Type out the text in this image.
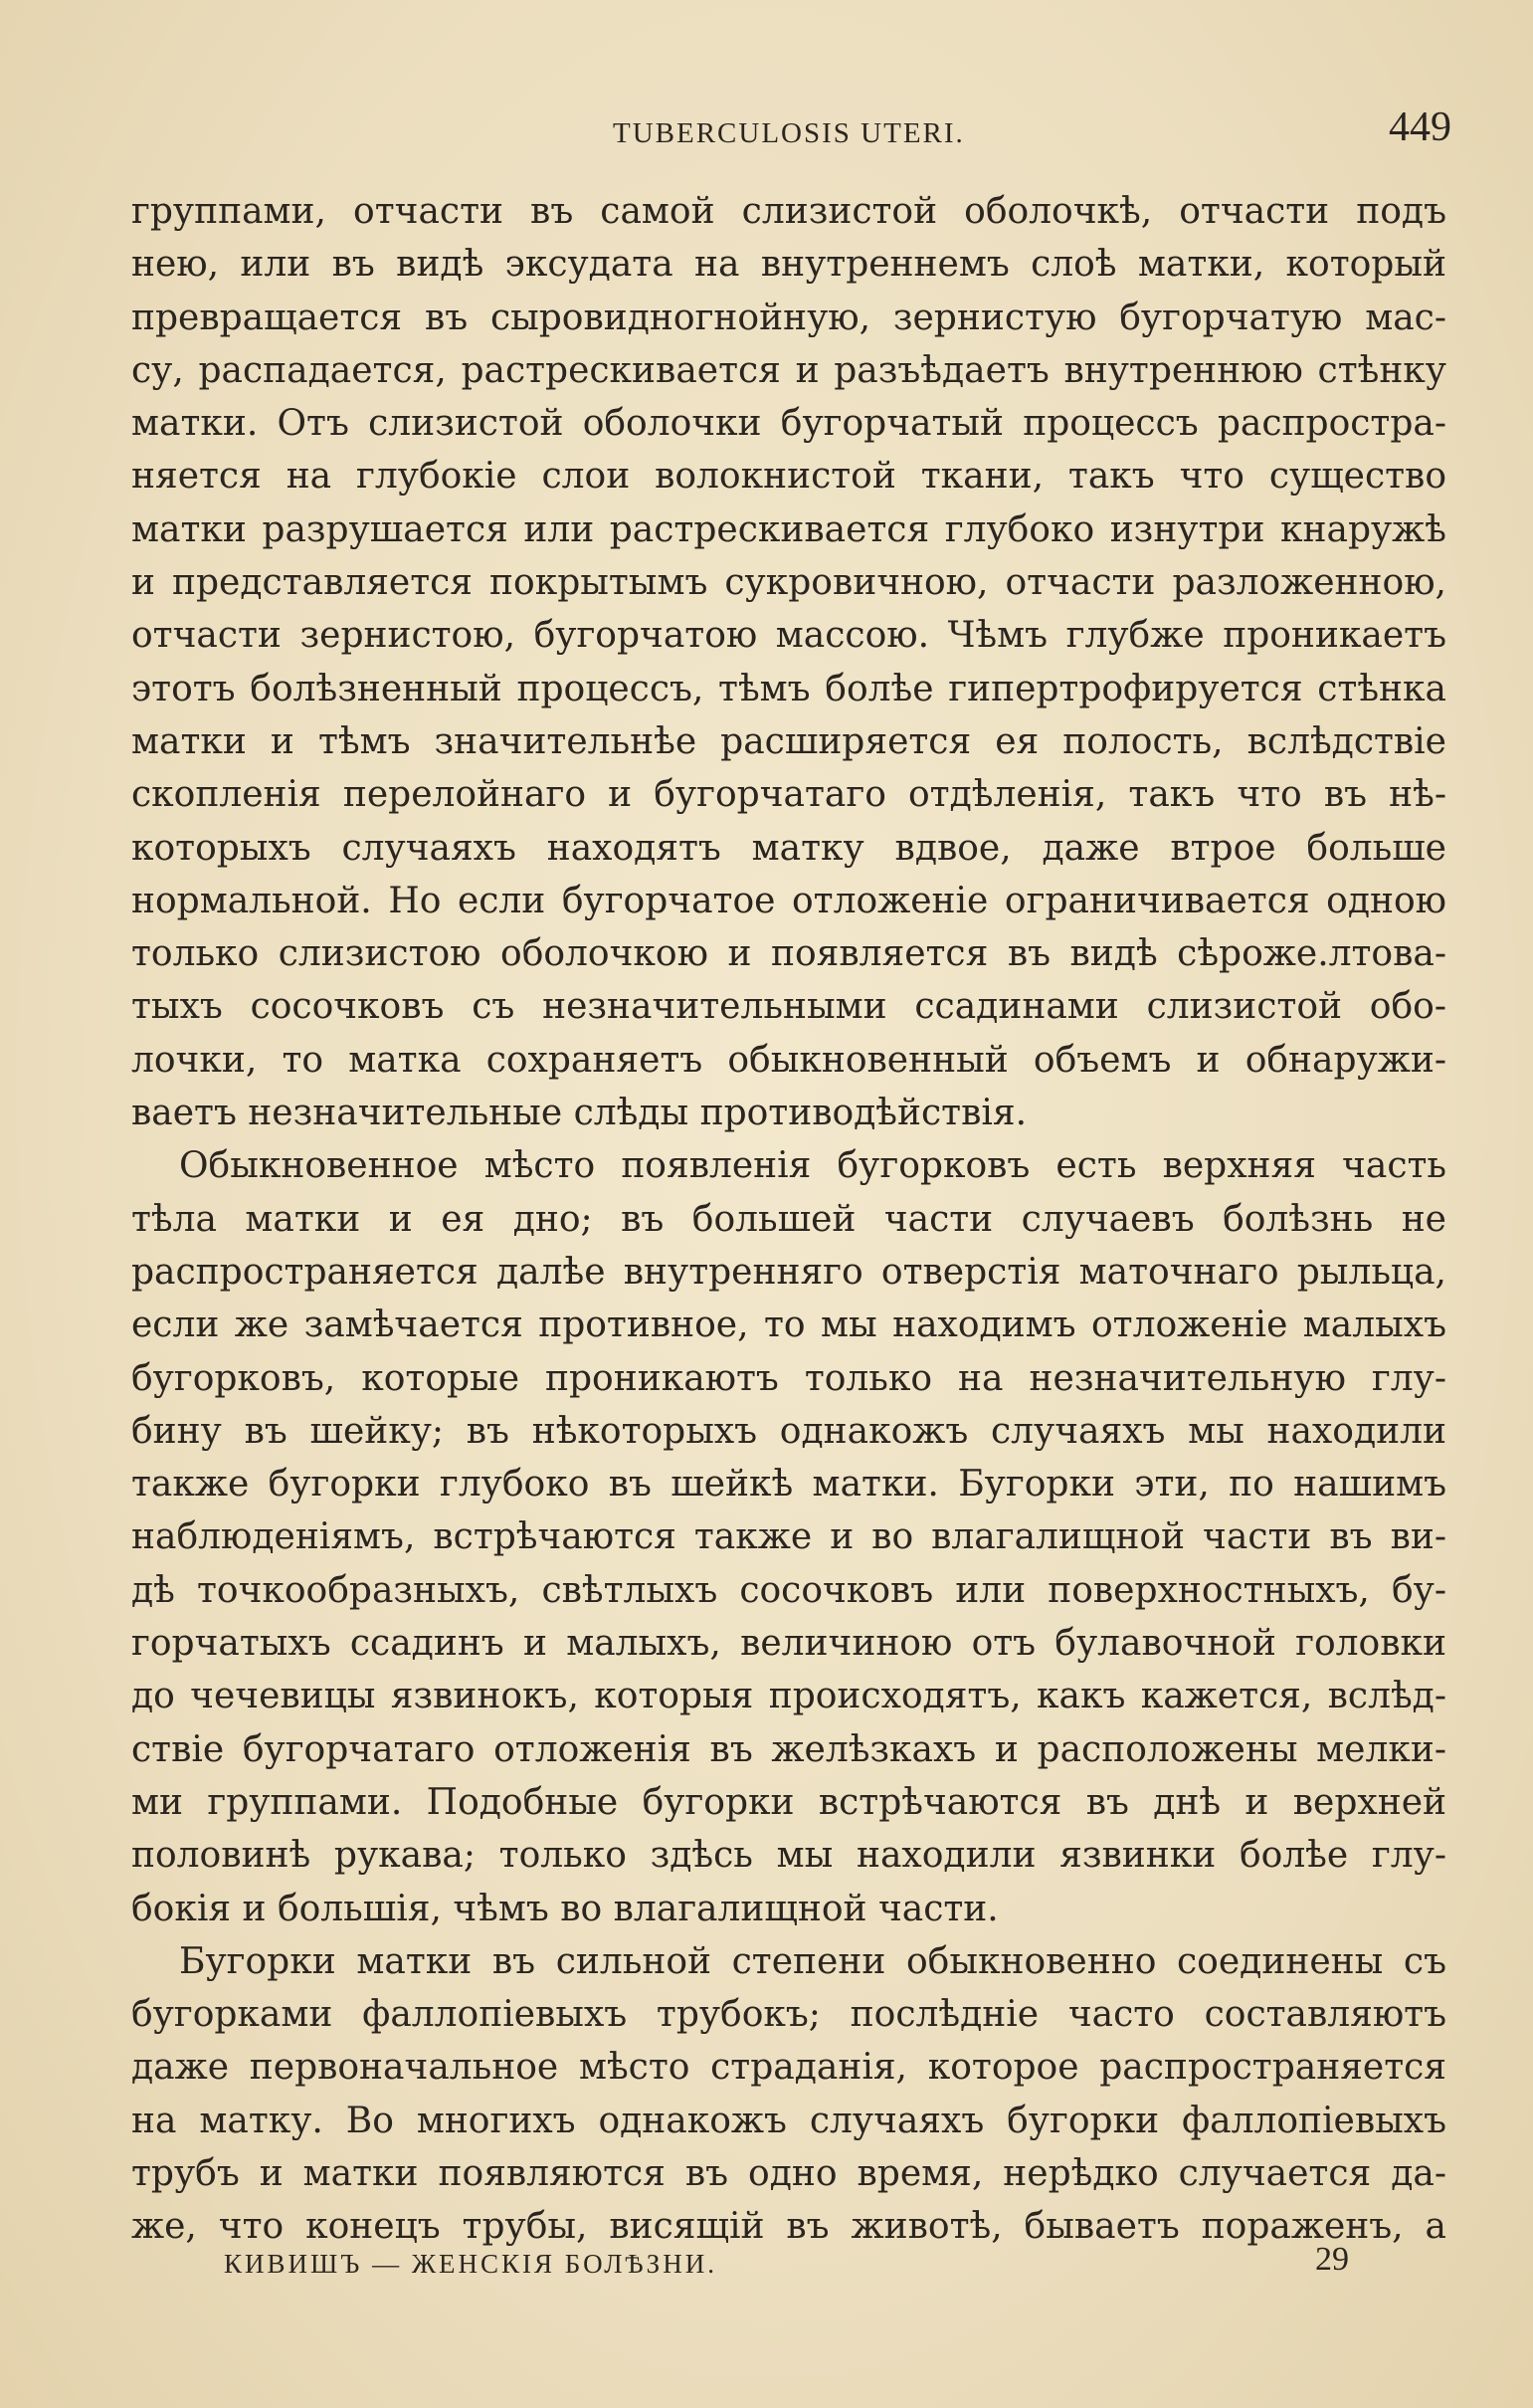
TUBERCULOSIS UTERI.	449
группами, отчасти въ самой слизистой оболочкѣ, отчасти подъ
нею, или въ видѣ эксудата на внутреннемъ слоѣ матки, который
превращается въ сыровидногнойную, зернистую бугорчатую мас-
су, распадается, растрескивается и разъѣдаетъ внутреннюю стѣнку
матки. Отъ слизистой оболочки бугорчатый процессъ распростра-
няется на глубокіе слои волокнистой ткани, такъ что существо
матки разрушается или растрескивается глубоко изнутри кнаружѣ
и представляется покрытымъ сукровичною, отчасти разложенною,
отчасти зернистою, бугорчатою массою. Чѣмъ глубже проникаетъ
этотъ болѣзненный процессъ, тѣмъ болѣе гипертрофируется стѣнка
матки и тѣмъ значительнѣе расширяется ея полость, вслѣдствіе
скопленія перелойнаго и бугорчатаго отдѣленія, такъ что въ нѣ-
которыхъ случаяхъ находятъ матку вдвое, даже втрое больше
нормальной. Но если бугорчатое отложеніе ограничивается одною
только слизистою оболочкою и появляется въ видѣ сѣроже.лтова-
тыхъ сосочковъ съ незначительными ссадинами слизистой обо-
лочки, то матка сохраняетъ обыкновенный объемъ и обнаружи-
ваетъ незначительные слѣды противодѣйствія.
Обыкновенное мѣсто появленія бугорковъ есть верхняя часть
тѣла матки и ея дно; въ большей части случаевъ болѣзнь не
распространяется далѣе внутренняго отверстія маточнаго рыльца,
если же замѣчается противное, то мы находимъ отложеніе малыхъ
бугорковъ, которые проникаютъ только на незначительную глу-
бину въ шейку; въ нѣкоторыхъ однакожъ случаяхъ мы находили
также бугорки глубоко въ шейкѣ матки. Бугорки эти, по нашимъ
наблюденіямъ, встрѣчаются также и во влагалищной части въ ви-
дѣ точкообразныхъ, свѣтлыхъ сосочковъ или поверхностныхъ, бу-
горчатыхъ ссадинъ и малыхъ, величиною отъ булавочной головки
до чечевицы язвинокъ, которыя происходятъ, какъ кажется, вслѣд-
ствіе бугорчатаго отложенія въ желѣзкахъ и расположены мелки-
ми группами. Подобные бугорки встрѣчаются въ днѣ и верхней
половинѣ рукава; только здѣсь мы находили язвинки болѣе глу-
бокія и большія, чѣмъ во влагалищной части.
Бугорки матки въ сильной степени обыкновенно соединены съ
бугорками фаллопіевыхъ трубокъ; послѣдніе часто составляютъ
даже первоначальное мѣсто страданія, которое распространяется
на матку. Во многихъ однакожъ случаяхъ бугорки фаллопіевыхъ
трубъ и матки появляются въ одно время, нерѣдко случается да-
же, что конецъ трубы, висящій въ животѣ, бываетъ пораженъ, а
КИВИШЪ — ЖЕНСКІЯ БОЛѢЗНИ.	29
